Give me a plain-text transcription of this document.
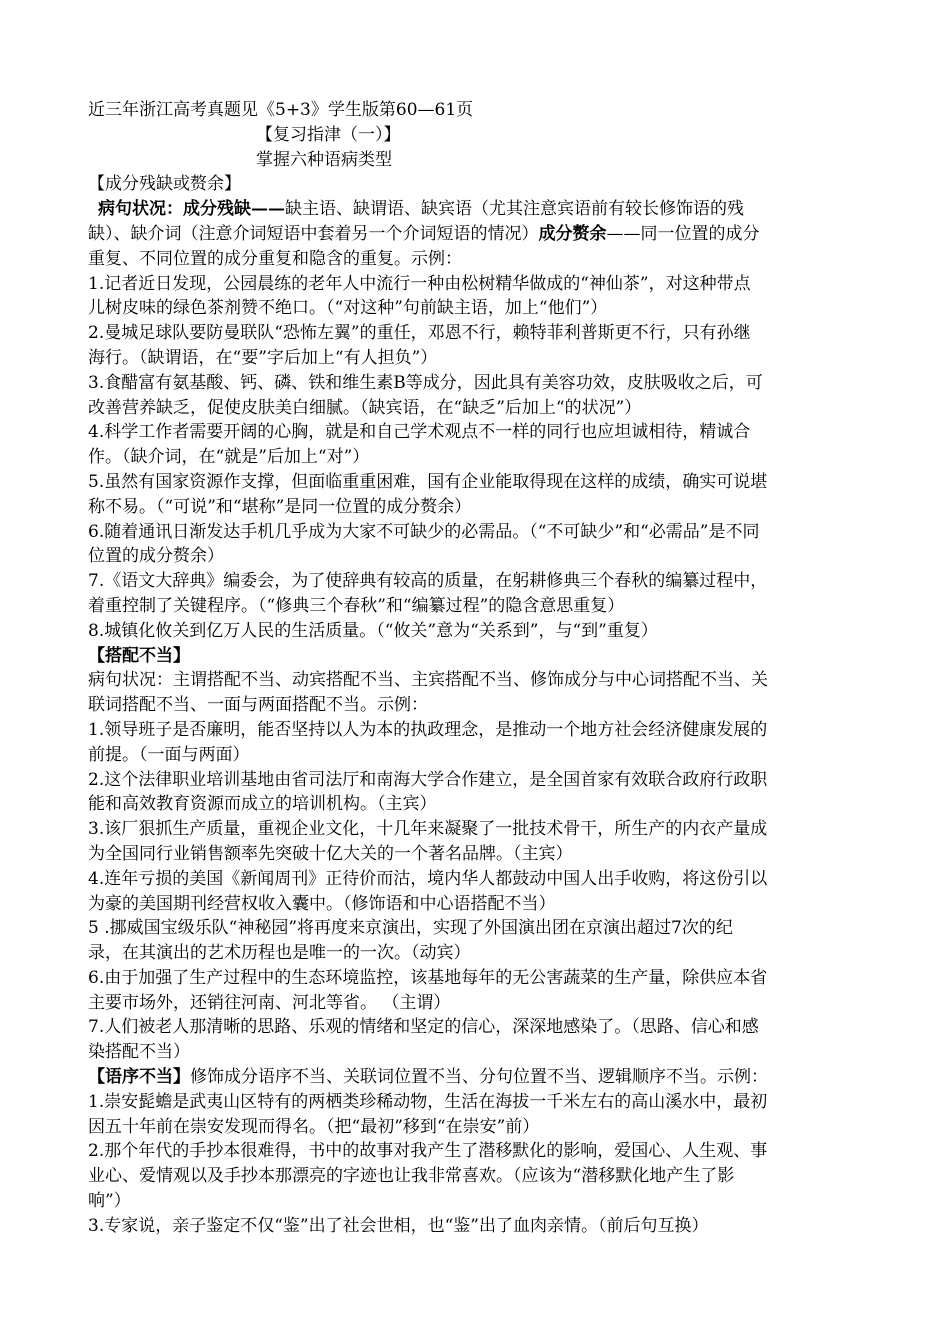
近三年浙江高考真题见《5+3》学生版第60—61页
【复习指津（一）】
掌握六种语病类型
【成分残缺或赘余】
病句状况：成分残缺——缺主语、缺谓语、缺宾语（尤其注意宾语前有较长修饰语的残
缺）、缺介词（注意介词短语中套着另一个介词短语的情况）成分赘余——同一位置的成分
重复、不同位置的成分重复和隐含的重复。示例：
1.记者近日发现，公园晨练的老年人中流行一种由松树精华做成的“神仙茶”，对这种带点
儿树皮味的绿色茶剂赞不绝口。（“对这种”句前缺主语，加上“他们”）
2.曼城足球队要防曼联队“恐怖左翼”的重任，邓恩不行，赖特菲利普斯更不行，只有孙继
海行。（缺谓语，在“要”字后加上“有人担负”）
3.食醋富有氨基酸、钙、磷、铁和维生素B等成分，因此具有美容功效，皮肤吸收之后，可
改善营养缺乏，促使皮肤美白细腻。（缺宾语，在“缺乏”后加上“的状况”）
4.科学工作者需要开阔的心胸，就是和自己学术观点不一样的同行也应坦诚相待，精诚合
作。（缺介词，在“就是”后加上“对”）
5.虽然有国家资源作支撑，但面临重重困难，国有企业能取得现在这样的成绩，确实可说堪
称不易。（“可说”和“堪称”是同一位置的成分赘余）
6.随着通讯日渐发达手机几乎成为大家不可缺少的必需品。（“不可缺少”和“必需品”是不同
位置的成分赘余）
7.《语文大辞典》编委会，为了使辞典有较高的质量，在躬耕修典三个春秋的编纂过程中，
着重控制了关键程序。（“修典三个春秋”和“编纂过程”的隐含意思重复）
8.城镇化攸关到亿万人民的生活质量。（“攸关”意为“关系到”，与“到”重复）
【搭配不当】
病句状况：主谓搭配不当、动宾搭配不当、主宾搭配不当、修饰成分与中心词搭配不当、关
联词搭配不当、一面与两面搭配不当。示例：
1.领导班子是否廉明，能否坚持以人为本的执政理念，是推动一个地方社会经济健康发展的
前提。（一面与两面）
2.这个法律职业培训基地由省司法厅和南海大学合作建立，是全国首家有效联合政府行政职
能和高效教育资源而成立的培训机构。（主宾）
3.该厂狠抓生产质量，重视企业文化，十几年来凝聚了一批技术骨干，所生产的内衣产量成
为全国同行业销售额率先突破十亿大关的一个著名品牌。（主宾）
4.连年亏损的美国《新闻周刊》正待价而沽，境内华人都鼓动中国人出手收购，将这份引以
为豪的美国期刊经营权收入囊中。（修饰语和中心语搭配不当）
5 .挪威国宝级乐队“神秘园”将再度来京演出，实现了外国演出团在京演出超过7次的纪
录，在其演出的艺术历程也是唯一的一次。（动宾）
6.由于加强了生产过程中的生态环境监控，该基地每年的无公害蔬菜的生产量，除供应本省
主要市场外，还销往河南、河北等省。 （主谓）
7.人们被老人那清晰的思路、乐观的情绪和坚定的信心，深深地感染了。（思路、信心和感
染搭配不当）
【语序不当】修饰成分语序不当、关联词位置不当、分句位置不当、逻辑顺序不当。示例：
1.崇安髭蟾是武夷山区特有的两栖类珍稀动物，生活在海拔一千米左右的高山溪水中，最初
因五十年前在崇安发现而得名。（把“最初”移到“在崇安”前）
2.那个年代的手抄本很难得，书中的故事对我产生了潜移默化的影响，爱国心、人生观、事
业心、爱情观以及手抄本那漂亮的字迹也让我非常喜欢。（应该为“潜移默化地产生了影
响”）
3.专家说，亲子鉴定不仅“鉴”出了社会世相，也“鉴”出了血肉亲情。（前后句互换）
